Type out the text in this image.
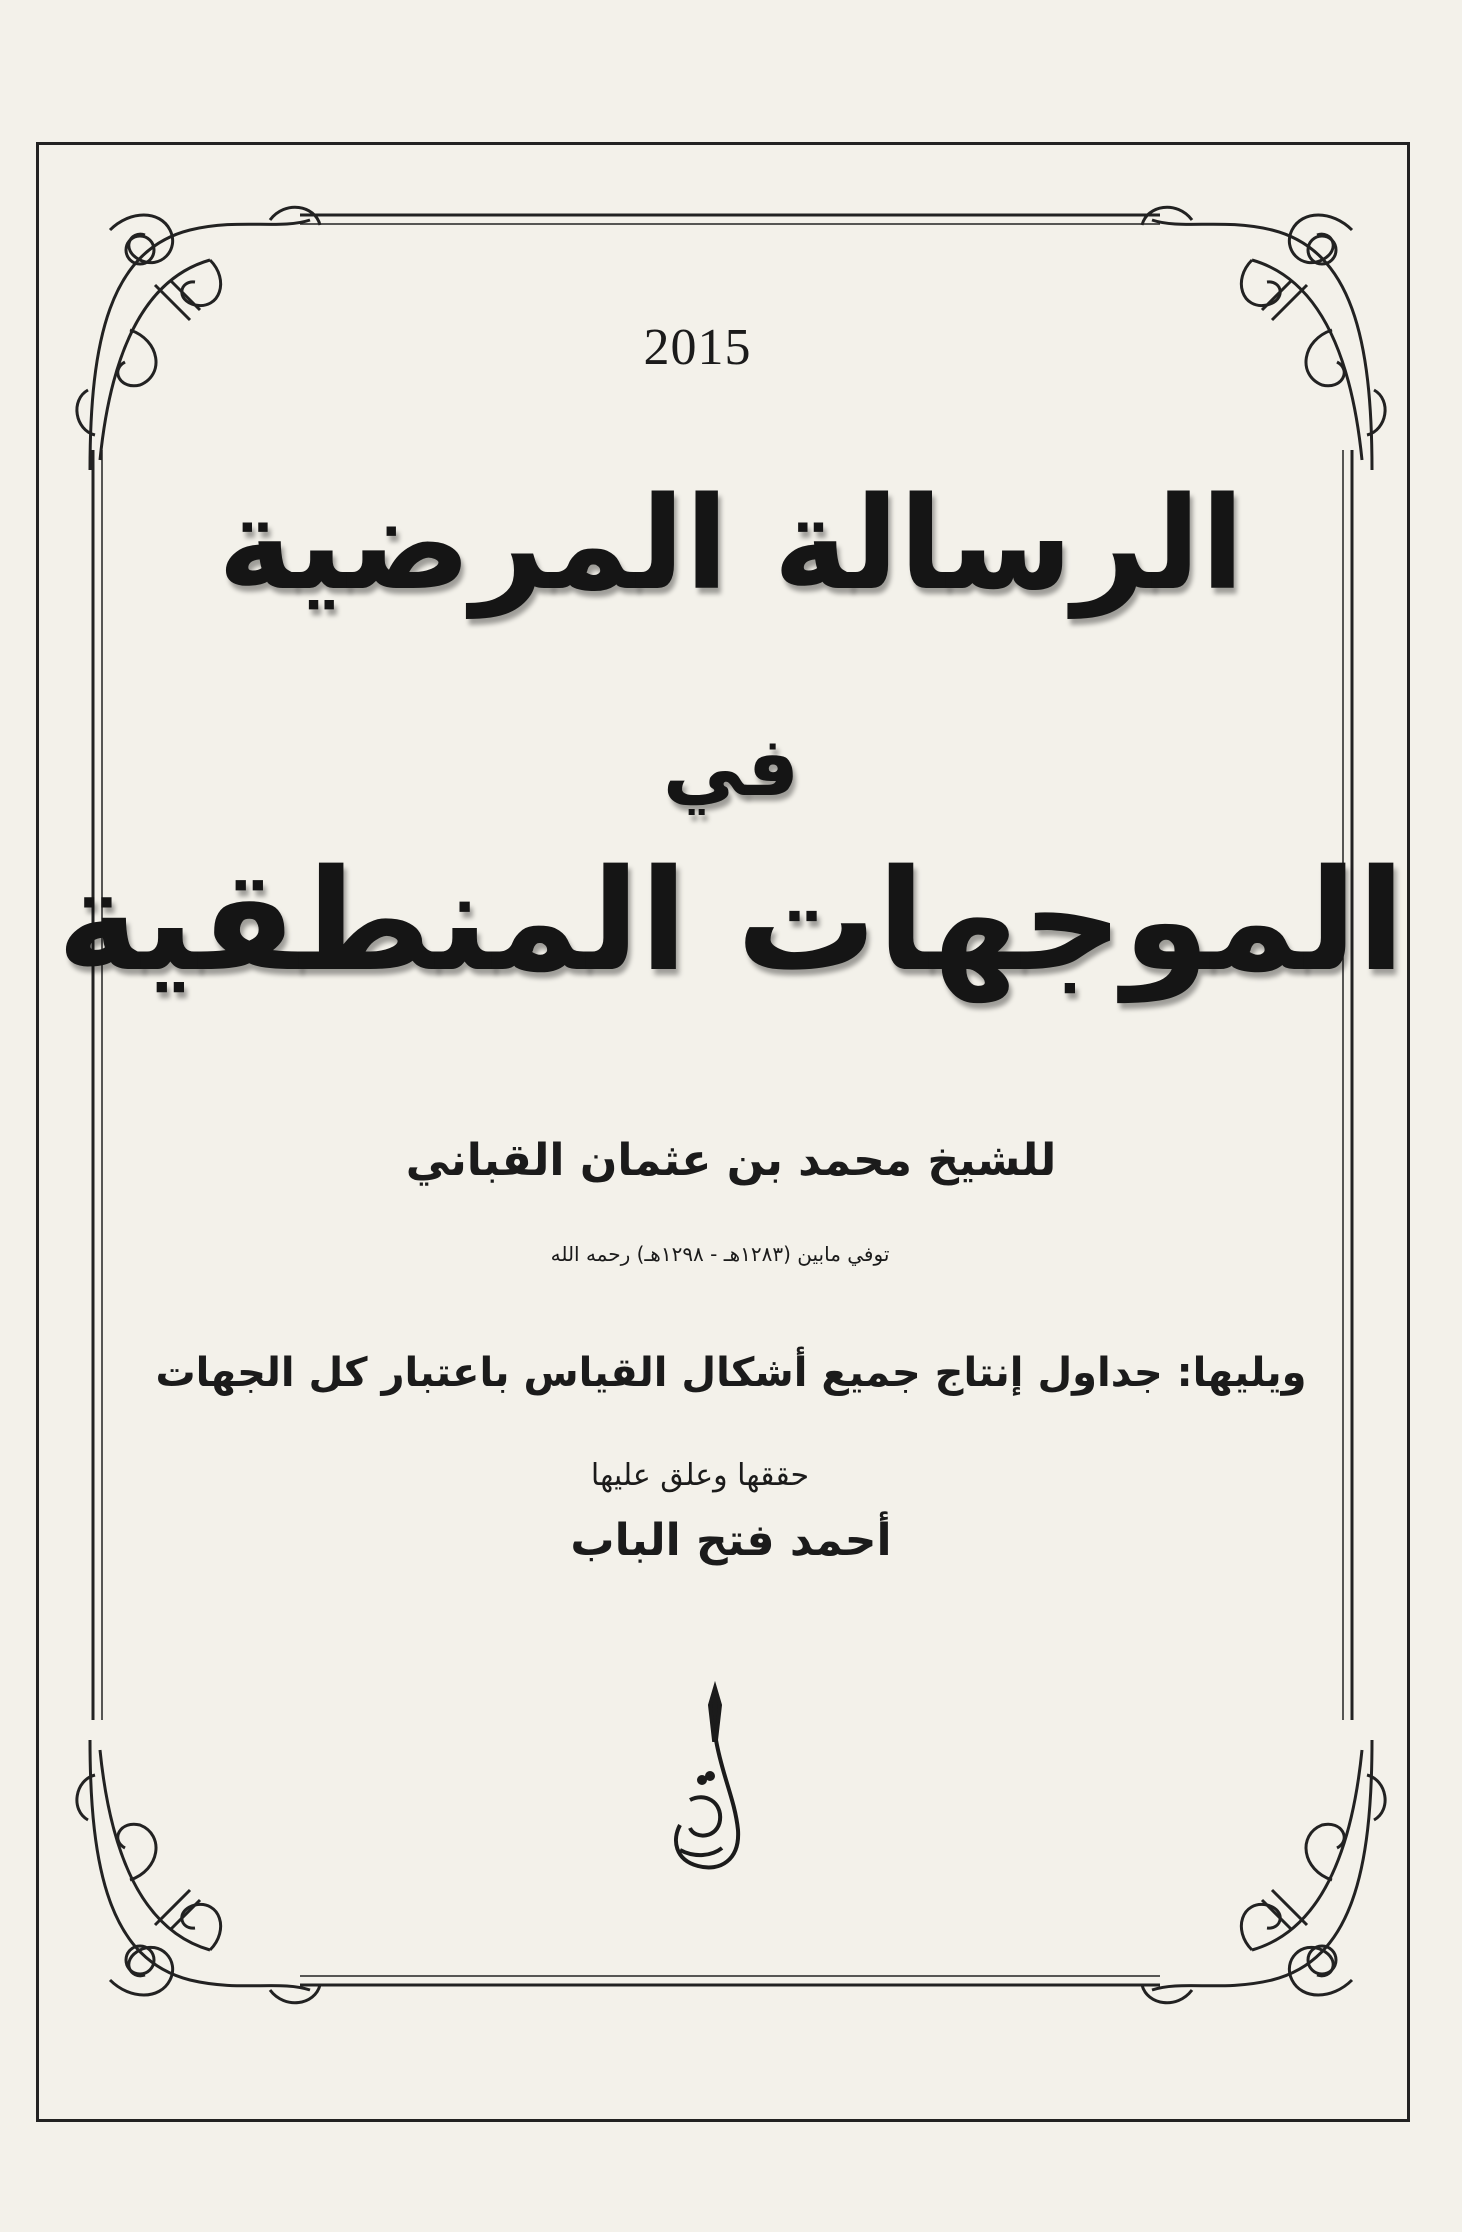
2015
الرسالة المرضية
في
الموجهات المنطقية
للشيخ محمد بن عثمان القباني
توفي مابين (١٢٨٣هـ - ١٢٩٨هـ) رحمه الله
ويليها: جداول إنتاج جميع أشكال القياس باعتبار كل الجهات
حققها وعلق عليها
أحمد فتح الباب
